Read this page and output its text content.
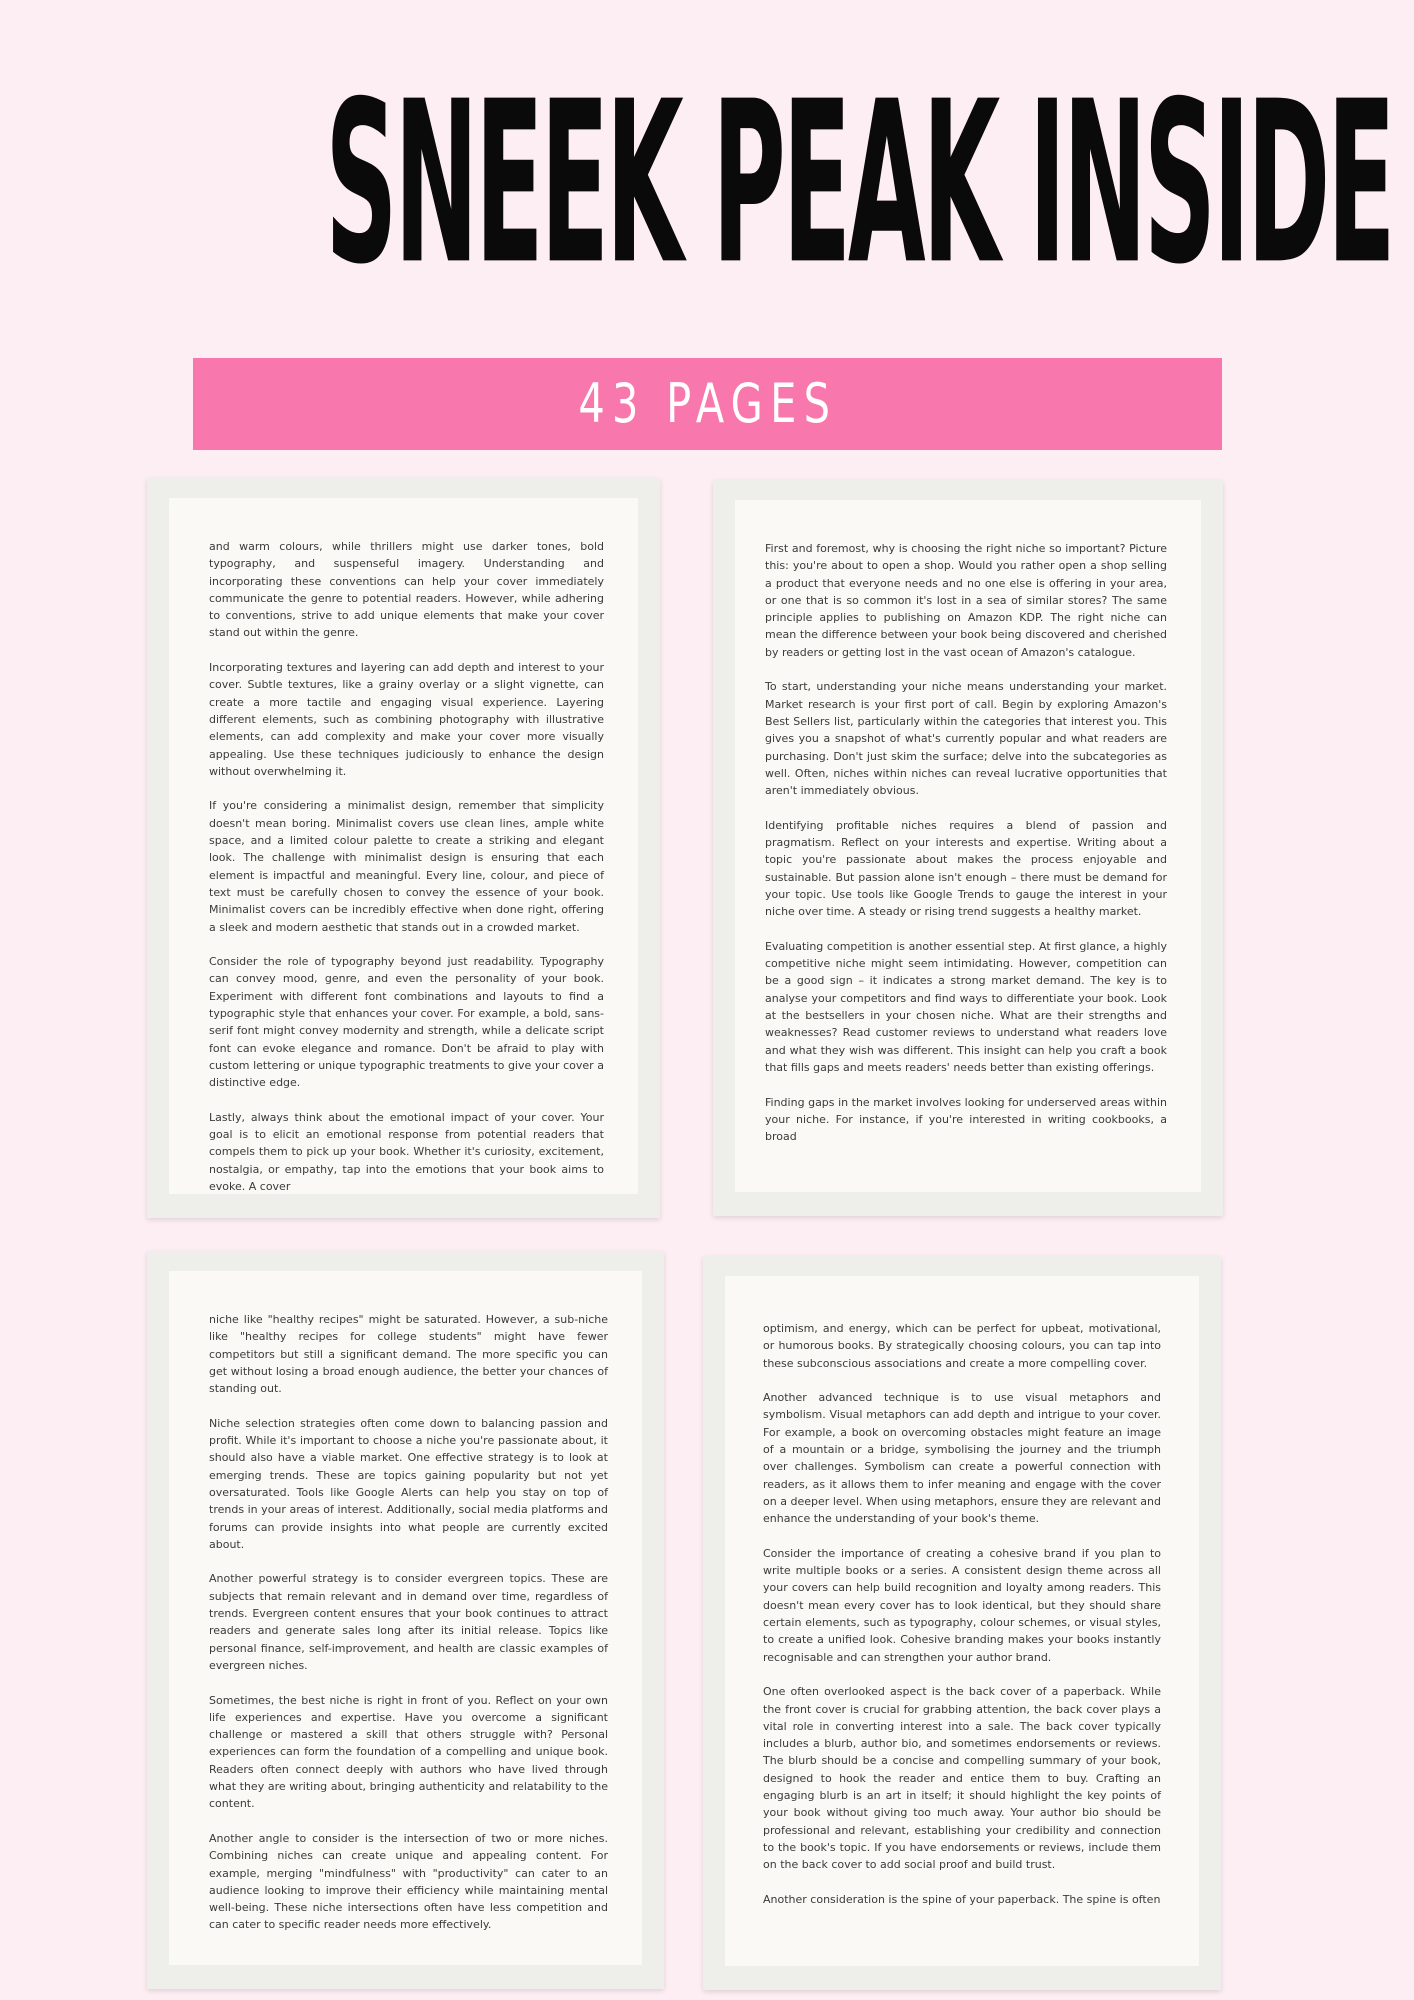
SNEEK PEAK INSIDE
43 PAGES

and warm colours, while thrillers might use darker tones, bold typography, and suspenseful imagery. Understanding and incorporating these conventions can help your cover immediately communicate the genre to potential readers. However, while adhering to conventions, strive to add unique elements that make your cover stand out within the genre.

Incorporating textures and layering can add depth and interest to your cover. Subtle textures, like a grainy overlay or a slight vignette, can create a more tactile and engaging visual experience. Layering different elements, such as combining photography with illustrative elements, can add complexity and make your cover more visually appealing. Use these techniques judiciously to enhance the design without overwhelming it.

If you're considering a minimalist design, remember that simplicity doesn't mean boring. Minimalist covers use clean lines, ample white space, and a limited colour palette to create a striking and elegant look. The challenge with minimalist design is ensuring that each element is impactful and meaningful. Every line, colour, and piece of text must be carefully chosen to convey the essence of your book. Minimalist covers can be incredibly effective when done right, offering a sleek and modern aesthetic that stands out in a crowded market.

Consider the role of typography beyond just readability. Typography can convey mood, genre, and even the personality of your book. Experiment with different font combinations and layouts to find a typographic style that enhances your cover. For example, a bold, sans-serif font might convey modernity and strength, while a delicate script font can evoke elegance and romance. Don't be afraid to play with custom lettering or unique typographic treatments to give your cover a distinctive edge.

Lastly, always think about the emotional impact of your cover. Your goal is to elicit an emotional response from potential readers that compels them to pick up your book. Whether it's curiosity, excitement, nostalgia, or empathy, tap into the emotions that your book aims to evoke. A cover

First and foremost, why is choosing the right niche so important? Picture this: you're about to open a shop. Would you rather open a shop selling a product that everyone needs and no one else is offering in your area, or one that is so common it's lost in a sea of similar stores? The same principle applies to publishing on Amazon KDP. The right niche can mean the difference between your book being discovered and cherished by readers or getting lost in the vast ocean of Amazon's catalogue.

To start, understanding your niche means understanding your market. Market research is your first port of call. Begin by exploring Amazon's Best Sellers list, particularly within the categories that interest you. This gives you a snapshot of what's currently popular and what readers are purchasing. Don't just skim the surface; delve into the subcategories as well. Often, niches within niches can reveal lucrative opportunities that aren't immediately obvious.

Identifying profitable niches requires a blend of passion and pragmatism. Reflect on your interests and expertise. Writing about a topic you're passionate about makes the process enjoyable and sustainable. But passion alone isn't enough – there must be demand for your topic. Use tools like Google Trends to gauge the interest in your niche over time. A steady or rising trend suggests a healthy market.

Evaluating competition is another essential step. At first glance, a highly competitive niche might seem intimidating. However, competition can be a good sign – it indicates a strong market demand. The key is to analyse your competitors and find ways to differentiate your book. Look at the bestsellers in your chosen niche. What are their strengths and weaknesses? Read customer reviews to understand what readers love and what they wish was different. This insight can help you craft a book that fills gaps and meets readers' needs better than existing offerings.

Finding gaps in the market involves looking for underserved areas within your niche. For instance, if you're interested in writing cookbooks, a broad

niche like "healthy recipes" might be saturated. However, a sub-niche like "healthy recipes for college students" might have fewer competitors but still a significant demand. The more specific you can get without losing a broad enough audience, the better your chances of standing out.

Niche selection strategies often come down to balancing passion and profit. While it's important to choose a niche you're passionate about, it should also have a viable market. One effective strategy is to look at emerging trends. These are topics gaining popularity but not yet oversaturated. Tools like Google Alerts can help you stay on top of trends in your areas of interest. Additionally, social media platforms and forums can provide insights into what people are currently excited about.

Another powerful strategy is to consider evergreen topics. These are subjects that remain relevant and in demand over time, regardless of trends. Evergreen content ensures that your book continues to attract readers and generate sales long after its initial release. Topics like personal finance, self-improvement, and health are classic examples of evergreen niches.

Sometimes, the best niche is right in front of you. Reflect on your own life experiences and expertise. Have you overcome a significant challenge or mastered a skill that others struggle with? Personal experiences can form the foundation of a compelling and unique book. Readers often connect deeply with authors who have lived through what they are writing about, bringing authenticity and relatability to the content.

Another angle to consider is the intersection of two or more niches. Combining niches can create unique and appealing content. For example, merging "mindfulness" with "productivity" can cater to an audience looking to improve their efficiency while maintaining mental well-being. These niche intersections often have less competition and can cater to specific reader needs more effectively.

optimism, and energy, which can be perfect for upbeat, motivational, or humorous books. By strategically choosing colours, you can tap into these subconscious associations and create a more compelling cover.

Another advanced technique is to use visual metaphors and symbolism. Visual metaphors can add depth and intrigue to your cover. For example, a book on overcoming obstacles might feature an image of a mountain or a bridge, symbolising the journey and the triumph over challenges. Symbolism can create a powerful connection with readers, as it allows them to infer meaning and engage with the cover on a deeper level. When using metaphors, ensure they are relevant and enhance the understanding of your book's theme.

Consider the importance of creating a cohesive brand if you plan to write multiple books or a series. A consistent design theme across all your covers can help build recognition and loyalty among readers. This doesn't mean every cover has to look identical, but they should share certain elements, such as typography, colour schemes, or visual styles, to create a unified look. Cohesive branding makes your books instantly recognisable and can strengthen your author brand.

One often overlooked aspect is the back cover of a paperback. While the front cover is crucial for grabbing attention, the back cover plays a vital role in converting interest into a sale. The back cover typically includes a blurb, author bio, and sometimes endorsements or reviews. The blurb should be a concise and compelling summary of your book, designed to hook the reader and entice them to buy. Crafting an engaging blurb is an art in itself; it should highlight the key points of your book without giving too much away. Your author bio should be professional and relevant, establishing your credibility and connection to the book's topic. If you have endorsements or reviews, include them on the back cover to add social proof and build trust.

Another consideration is the spine of your paperback. The spine is often
